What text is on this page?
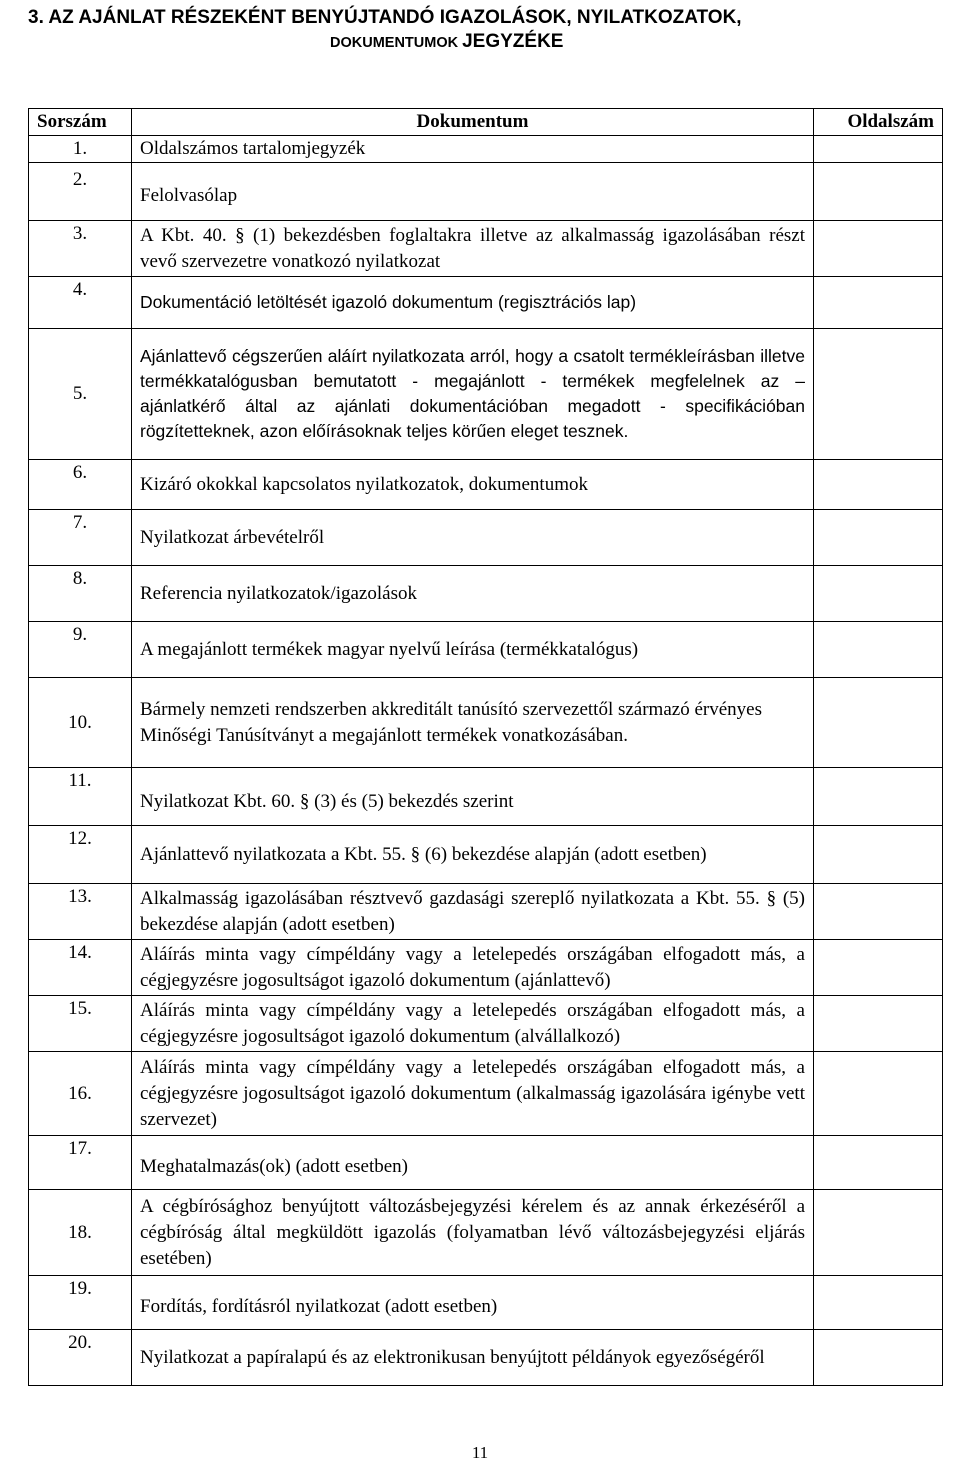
3. AZ AJÁNLAT RÉSZEKÉNT BENYÚJTANDÓ IGAZOLÁSOK, NYILATKOZATOK,
DOKUMENTUMOK JEGYZÉKE
Sorszám	Dokumentum	Oldalszám
1.	Oldalszámos tartalomjegyzék	
2.	Felolvasólap	
3.	A Kbt. 40. § (1) bekezdésben foglaltakra illetve az alkalmasság igazolásában részt vevő szervezetre vonatkozó nyilatkozat	
4.	Dokumentáció letöltését igazoló dokumentum (regisztrációs lap)	
5.	Ajánlattevő cégszerűen aláírt nyilatkozata arról, hogy a csatolt termékleírásban illetve termékkatalógusban bemutatott - megajánlott - termékek megfelelnek az – ajánlatkérő által az ajánlati dokumentációban megadott - specifikációban rögzítetteknek, azon előírásoknak teljes körűen eleget tesznek.	
6.	Kizáró okokkal kapcsolatos nyilatkozatok, dokumentumok	
7.	Nyilatkozat árbevételről	
8.	Referencia nyilatkozatok/igazolások	
9.	A megajánlott termékek magyar nyelvű leírása (termékkatalógus)	
10.	Bármely nemzeti rendszerben akkreditált tanúsító szervezettől származó érvényes Minőségi Tanúsítványt a megajánlott termékek vonatkozásában.	
11.	Nyilatkozat Kbt. 60. § (3) és (5) bekezdés szerint	
12.	Ajánlattevő nyilatkozata a Kbt. 55. § (6) bekezdése alapján (adott esetben)	
13.	Alkalmasság igazolásában résztvevő gazdasági szereplő nyilatkozata a Kbt. 55. § (5) bekezdése alapján (adott esetben)	
14.	Aláírás minta vagy címpéldány vagy a letelepedés országában elfogadott más, a cégjegyzésre jogosultságot igazoló dokumentum (ajánlattevő)	
15.	Aláírás minta vagy címpéldány vagy a letelepedés országában elfogadott más, a cégjegyzésre jogosultságot igazoló dokumentum (alvállalkozó)	
16.	Aláírás minta vagy címpéldány vagy a letelepedés országában elfogadott más, a cégjegyzésre jogosultságot igazoló dokumentum (alkalmasság igazolására igénybe vett szervezet)	
17.	Meghatalmazás(ok) (adott esetben)	
18.	A cégbírósághoz benyújtott változásbejegyzési kérelem és az annak érkezéséről a cégbíróság által megküldött igazolás (folyamatban lévő változásbejegyzési eljárás esetében)	
19.	Fordítás, fordításról nyilatkozat (adott esetben)	
20.	Nyilatkozat a papíralapú és az elektronikusan benyújtott példányok egyezőségéről	
11
